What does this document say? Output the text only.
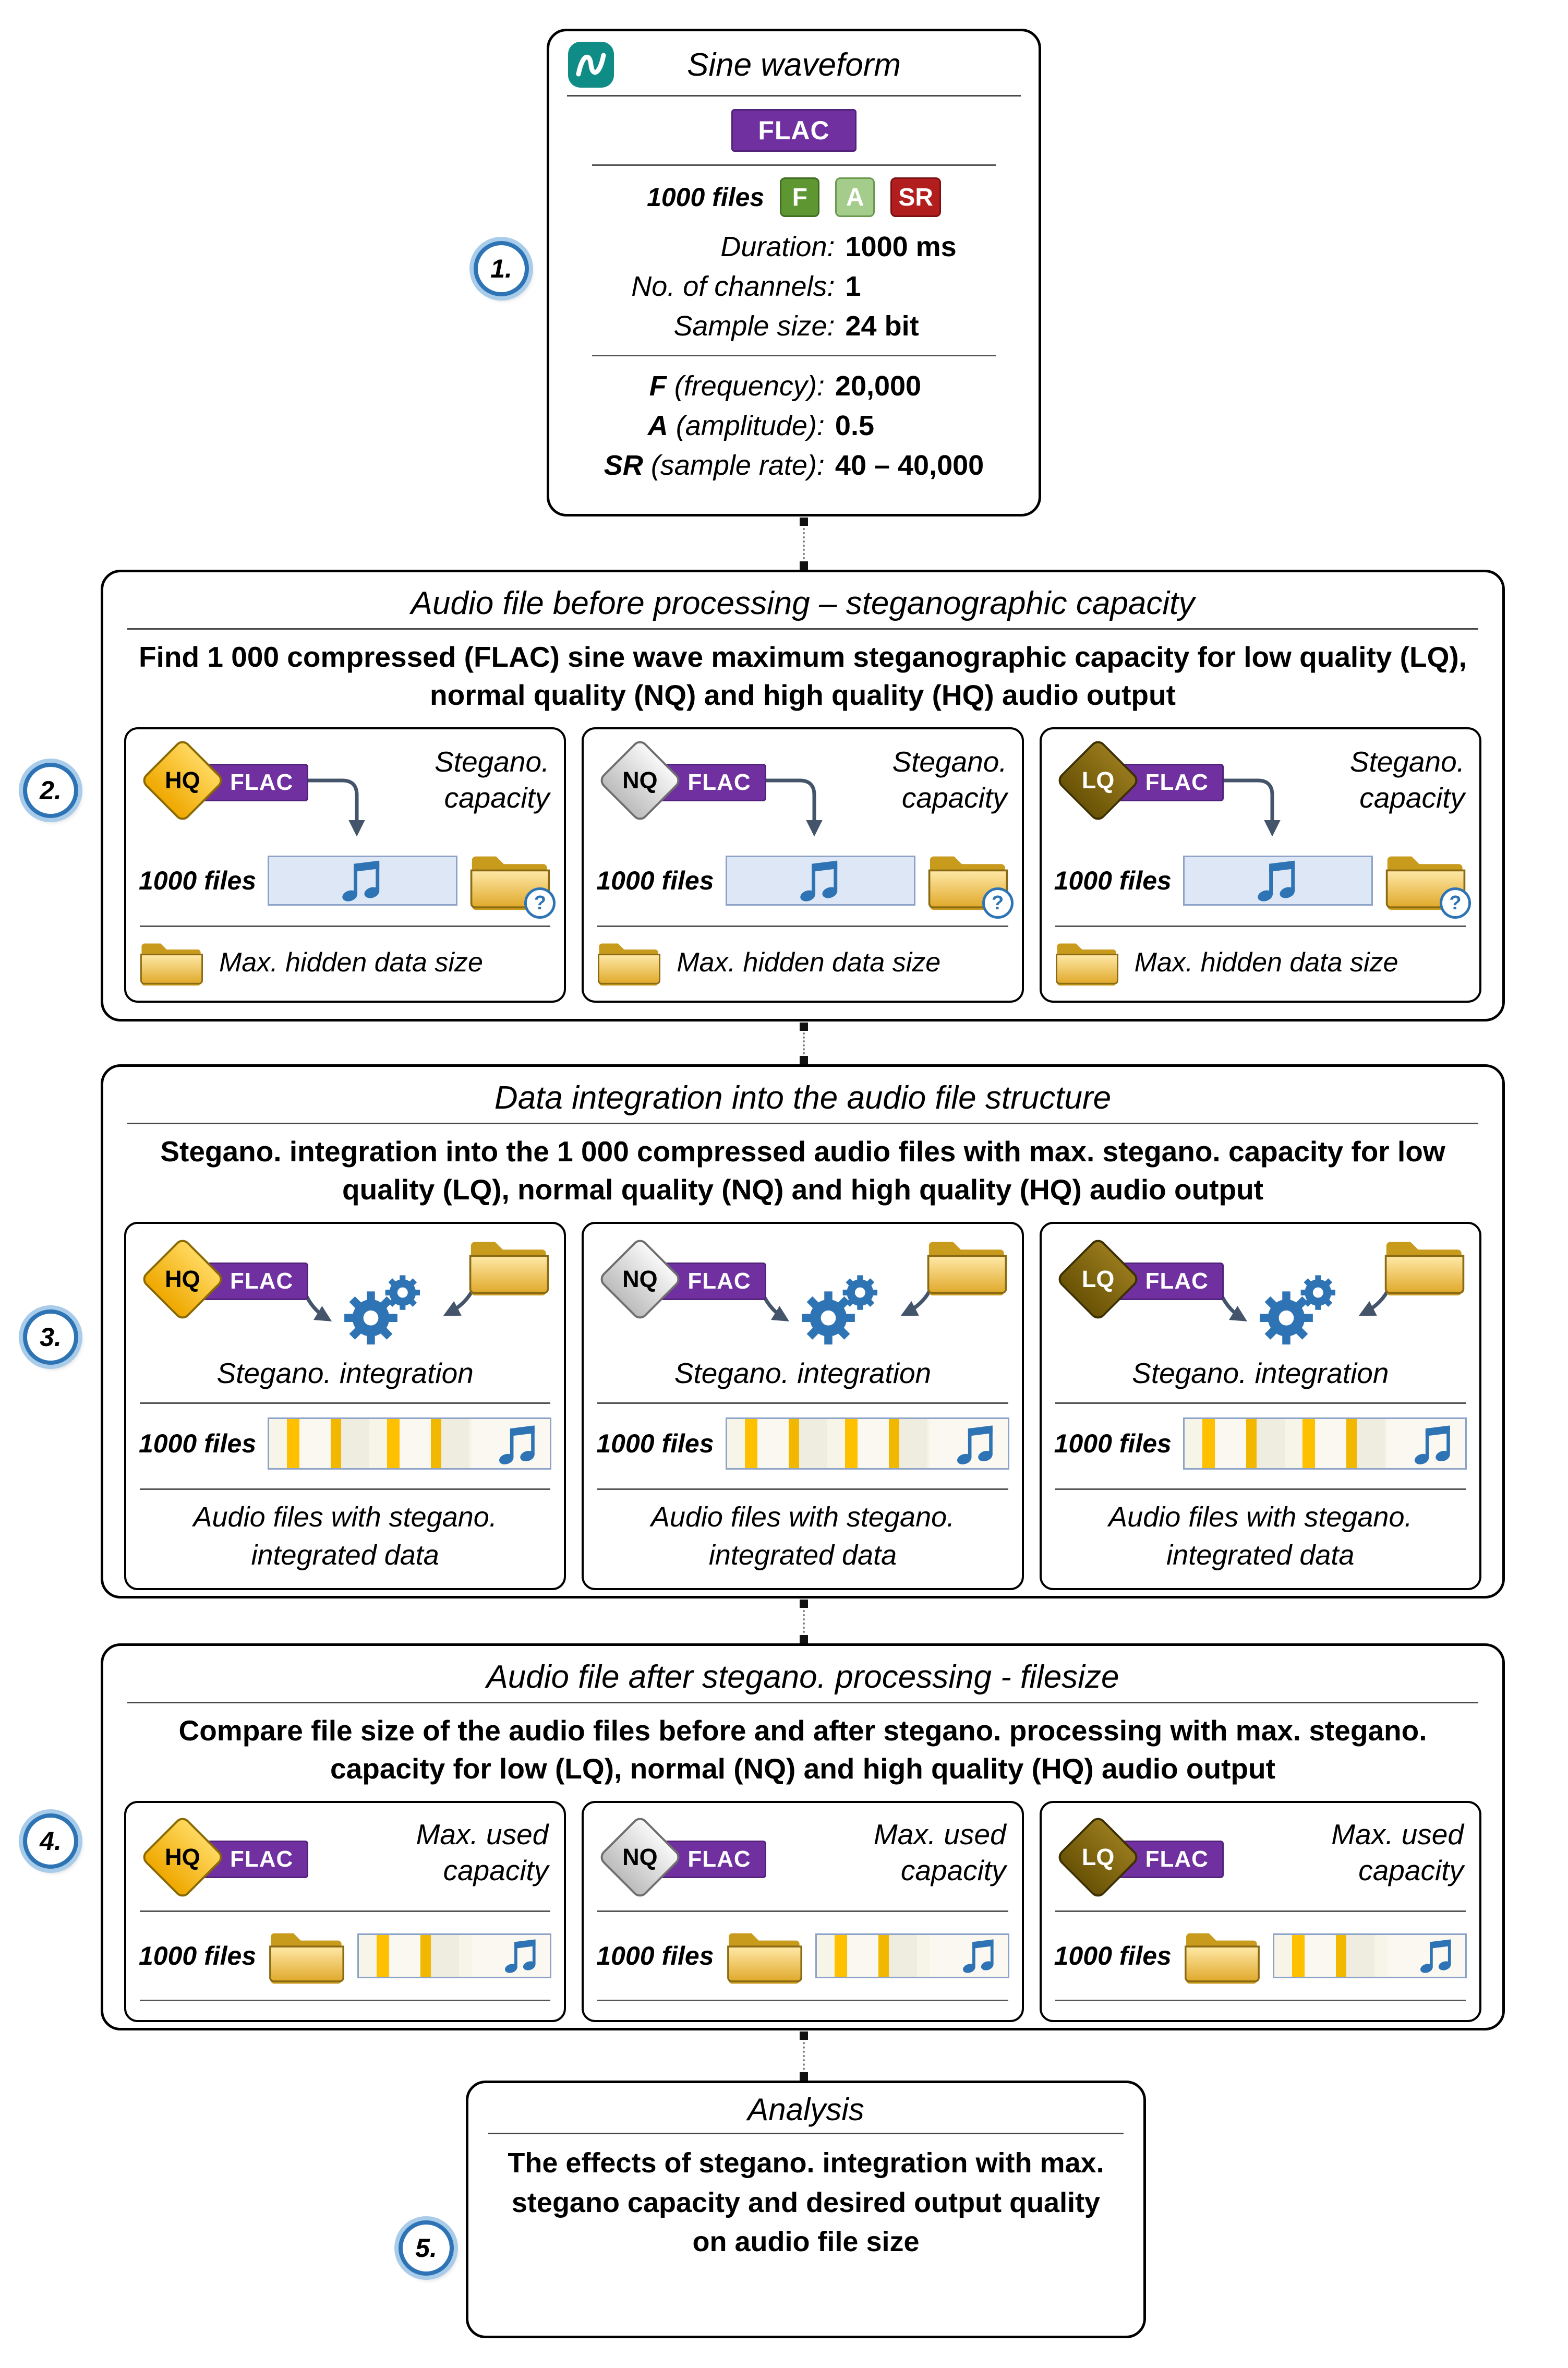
Sine waveform
FLAC
1000 files	F	A	SR
Duration: 1000 ms
No. of channels: 1
Sample size: 24 bit
F (frequency): 20,000
A (amplitude): 0.5
SR (sample rate): 40 – 40,000
Audio file before processing – steganographic capacity
Find 1 000 compressed (FLAC) sine wave maximum steganographic capacity for low quality (LQ), normal quality (NQ) and high quality (HQ) audio output
FLAC
HQ
Stegano.
capacity
1000 files
?
Max. hidden data size
FLAC
NQ
Stegano.
capacity
1000 files
?
Max. hidden data size
FLAC
LQ
Stegano.
capacity
1000 files
?
Max. hidden data size
Data integration into the audio file structure
Stegano. integration into the 1 000 compressed audio files with max. stegano. capacity for low quality (LQ), normal quality (NQ) and high quality (HQ) audio output
FLAC
HQ
Stegano. integration
1000 files
Audio files with stegano.
integrated data
FLAC
NQ
Stegano. integration
1000 files
Audio files with stegano.
integrated data
FLAC
LQ
Stegano. integration
1000 files
Audio files with stegano.
integrated data
Audio file after stegano. processing - filesize
Compare file size of the audio files before and after stegano. processing with max. stegano. capacity for low (LQ), normal (NQ) and high quality (HQ) audio output
FLAC
HQ
Max. used
capacity
1000 files
FLAC
NQ
Max. used
capacity
1000 files
FLAC
LQ
Max. used
capacity
1000 files
Analysis
The effects of stegano. integration with max. stegano capacity and desired output quality on audio file size
1.
2.
3.
4.
5.
